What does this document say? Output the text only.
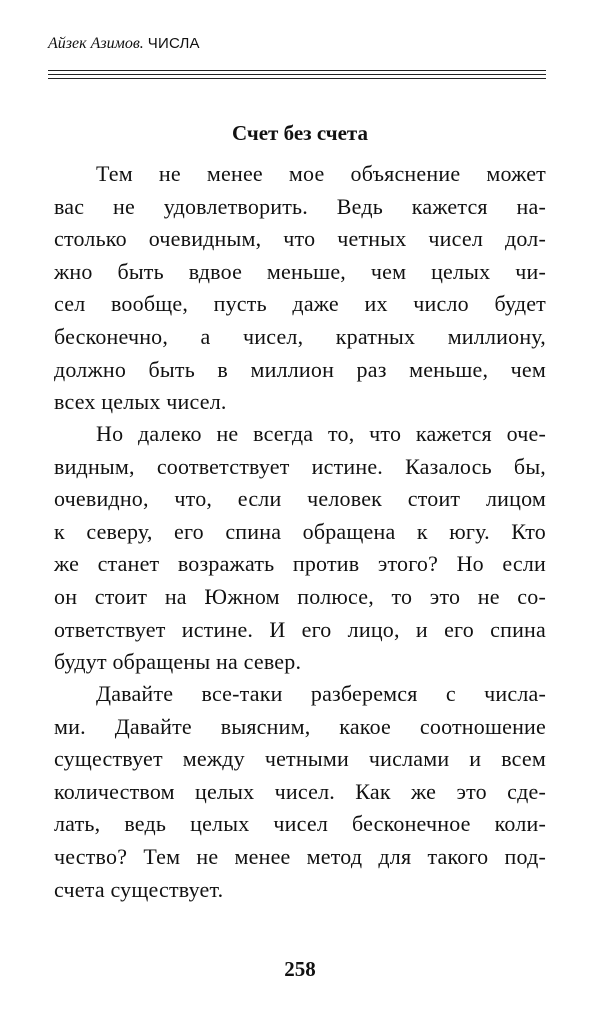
Айзек Азимов. ЧИСЛА
Счет без счета
Тем не менее мое объяснение может
вас не удовлетворить. Ведь кажется на-
столько очевидным, что четных чисел дол-
жно быть вдвое меньше, чем целых чи-
сел вообще, пусть даже их число будет
бесконечно, а чисел, кратных миллиону,
должно быть в миллион раз меньше, чем
всех целых чисел.
Но далеко не всегда то, что кажется оче-
видным, соответствует истине. Казалось бы,
очевидно, что, если человек стоит лицом
к северу, его спина обращена к югу. Кто
же станет возражать против этого? Но если
он стоит на Южном полюсе, то это не со-
ответствует истине. И его лицо, и его спина
будут обращены на север.
Давайте все-таки разберемся с числа-
ми. Давайте выясним, какое соотношение
существует между четными числами и всем
количеством целых чисел. Как же это сде-
лать, ведь целых чисел бесконечное коли-
чество? Тем не менее метод для такого под-
счета существует.
258
